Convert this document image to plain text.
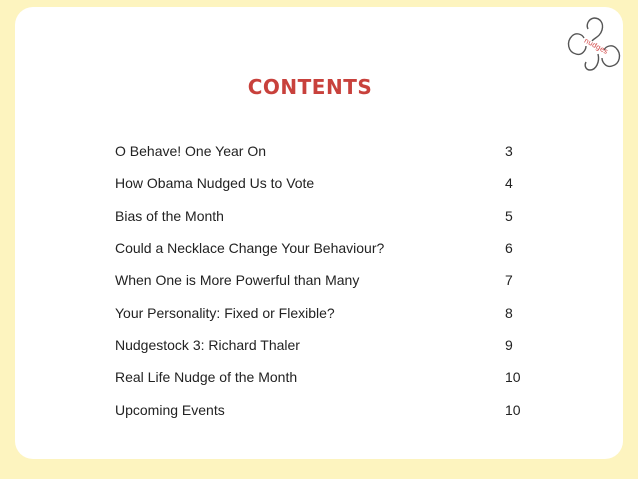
CONTENTS
O Behave! One Year On	3
How Obama Nudged Us to Vote	4
Bias of the Month	5
Could a Necklace Change Your Behaviour?	6
When One is More Powerful than Many	7
Your Personality: Fixed or Flexible?	8
Nudgestock 3: Richard Thaler	9
Real Life Nudge of the Month	10
Upcoming Events	10
nudges
